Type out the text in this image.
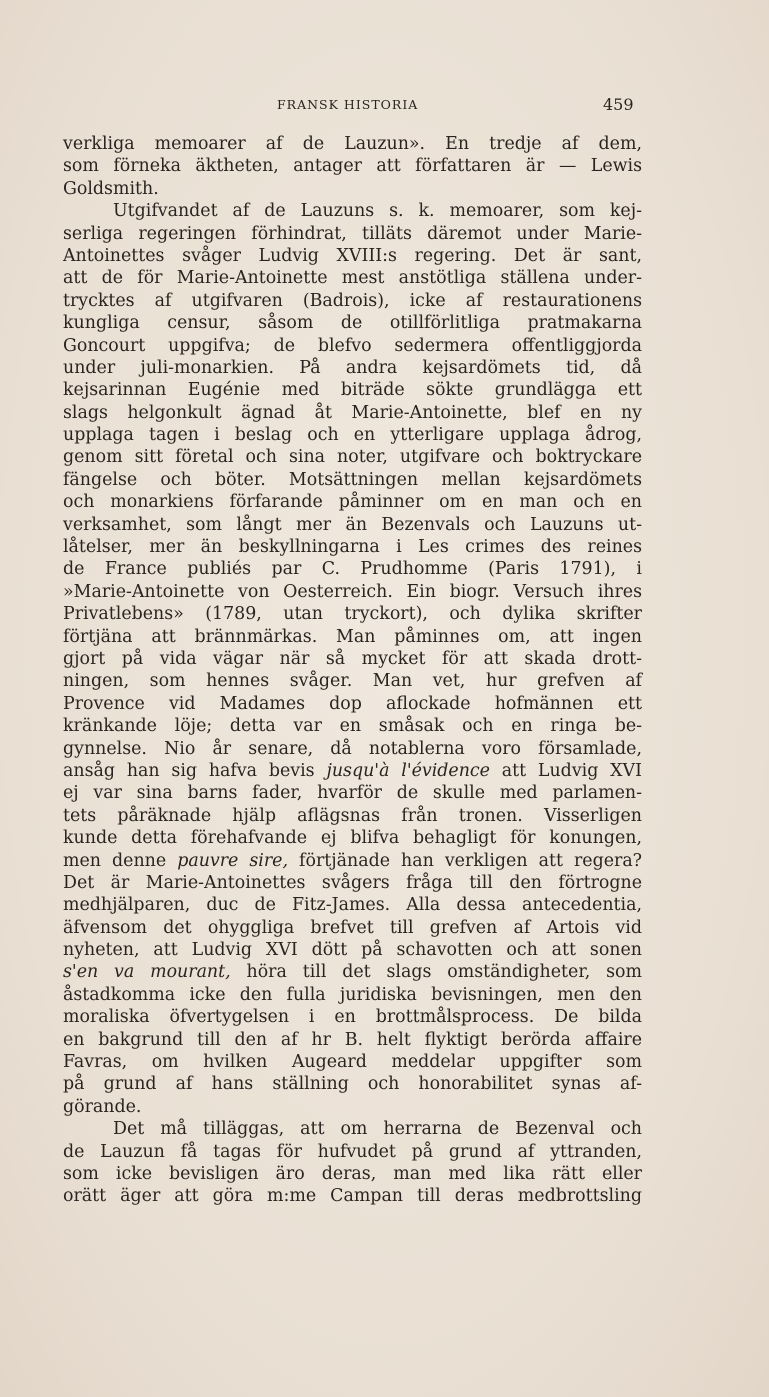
FRANSK HISTORIA	459
verkliga memoarer af de Lauzun». En tredje af dem,
som förneka äktheten, antager att författaren är — Lewis
Goldsmith.
Utgifvandet af de Lauzuns s. k. memoarer, som kej-
serliga regeringen förhindrat, tilläts däremot under Marie-
Antoinettes svåger Ludvig XVIII:s regering. Det är sant,
att de för Marie-Antoinette mest anstötliga ställena under-
trycktes af utgifvaren (Badrois), icke af restaurationens
kungliga censur, såsom de otillförlitliga pratmakarna
Goncourt uppgifva; de blefvo sedermera offentliggjorda
under juli-monarkien. På andra kejsardömets tid, då
kejsarinnan Eugénie med biträde sökte grundlägga ett
slags helgonkult ägnad åt Marie-Antoinette, blef en ny
upplaga tagen i beslag och en ytterligare upplaga ådrog,
genom sitt företal och sina noter, utgifvare och boktryckare
fängelse och böter. Motsättningen mellan kejsardömets
och monarkiens förfarande påminner om en man och en
verksamhet, som långt mer än Bezenvals och Lauzuns ut-
låtelser, mer än beskyllningarna i Les crimes des reines
de France publiés par C. Prudhomme (Paris 1791), i
»Marie-Antoinette von Oesterreich. Ein biogr. Versuch ihres
Privatlebens» (1789, utan tryckort), och dylika skrifter
förtjäna att brännmärkas. Man påminnes om, att ingen
gjort på vida vägar när så mycket för att skada drott-
ningen, som hennes svåger. Man vet, hur grefven af
Provence vid Madames dop aflockade hofmännen ett
kränkande löje; detta var en småsak och en ringa be-
gynnelse. Nio år senare, då notablerna voro församlade,
ansåg han sig hafva bevis jusqu'à l'évidence att Ludvig XVI
ej var sina barns fader, hvarför de skulle med parlamen-
tets påräknade hjälp aflägsnas från tronen. Visserligen
kunde detta förehafvande ej blifva behagligt för konungen,
men denne pauvre sire, förtjänade han verkligen att regera?
Det är Marie-Antoinettes svågers fråga till den förtrogne
medhjälparen, duc de Fitz-James. Alla dessa antecedentia,
äfvensom det ohyggliga brefvet till grefven af Artois vid
nyheten, att Ludvig XVI dött på schavotten och att sonen
s'en va mourant, höra till det slags omständigheter, som
åstadkomma icke den fulla juridiska bevisningen, men den
moraliska öfvertygelsen i en brottmålsprocess. De bilda
en bakgrund till den af hr B. helt flyktigt berörda affaire
Favras, om hvilken Augeard meddelar uppgifter som
på grund af hans ställning och honorabilitet synas af-
görande.
Det må tilläggas, att om herrarna de Bezenval och
de Lauzun få tagas för hufvudet på grund af yttranden,
som icke bevisligen äro deras, man med lika rätt eller
orätt äger att göra m:me Campan till deras medbrottsling
